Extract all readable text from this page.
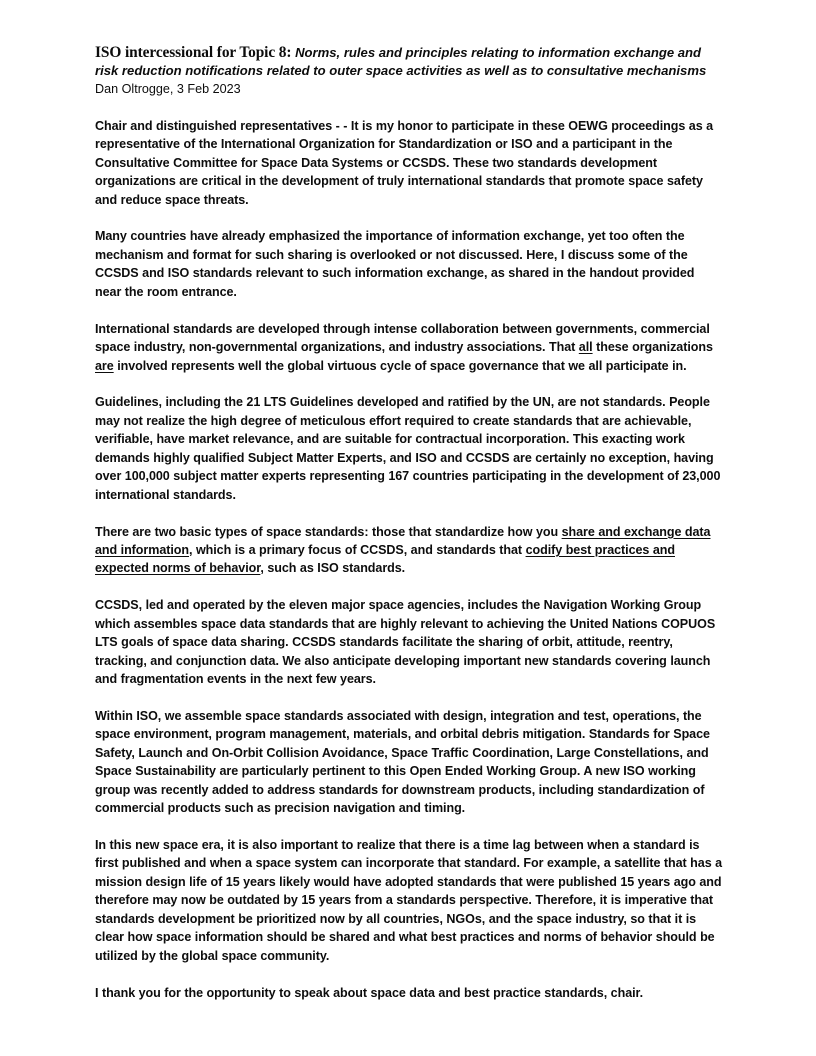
ISO intercessional for Topic 8: Norms, rules and principles relating to information exchange and risk reduction notifications related to outer space activities as well as to consultative mechanisms

Dan Oltrogge, 3 Feb 2023

Chair and distinguished representatives - - It is my honor to participate in these OEWG proceedings as a representative of the International Organization for Standardization or ISO and a participant in the Consultative Committee for Space Data Systems or CCSDS. These two standards development organizations are critical in the development of truly international standards that promote space safety and reduce space threats.

Many countries have already emphasized the importance of information exchange, yet too often the mechanism and format for such sharing is overlooked or not discussed. Here, I discuss some of the CCSDS and ISO standards relevant to such information exchange, as shared in the handout provided near the room entrance.

International standards are developed through intense collaboration between governments, commercial space industry, non-governmental organizations, and industry associations. That all these organizations are involved represents well the global virtuous cycle of space governance that we all participate in.

Guidelines, including the 21 LTS Guidelines developed and ratified by the UN, are not standards. People may not realize the high degree of meticulous effort required to create standards that are achievable, verifiable, have market relevance, and are suitable for contractual incorporation. This exacting work demands highly qualified Subject Matter Experts, and ISO and CCSDS are certainly no exception, having over 100,000 subject matter experts representing 167 countries participating in the development of 23,000 international standards.

There are two basic types of space standards: those that standardize how you share and exchange data and information, which is a primary focus of CCSDS, and standards that codify best practices and expected norms of behavior, such as ISO standards.

CCSDS, led and operated by the eleven major space agencies, includes the Navigation Working Group which assembles space data standards that are highly relevant to achieving the United Nations COPUOS LTS goals of space data sharing. CCSDS standards facilitate the sharing of orbit, attitude, reentry, tracking, and conjunction data. We also anticipate developing important new standards covering launch and fragmentation events in the next few years.

Within ISO, we assemble space standards associated with design, integration and test, operations, the space environment, program management, materials, and orbital debris mitigation. Standards for Space Safety, Launch and On-Orbit Collision Avoidance, Space Traffic Coordination, Large Constellations, and Space Sustainability are particularly pertinent to this Open Ended Working Group. A new ISO working group was recently added to address standards for downstream products, including standardization of commercial products such as precision navigation and timing.

In this new space era, it is also important to realize that there is a time lag between when a standard is first published and when a space system can incorporate that standard. For example, a satellite that has a mission design life of 15 years likely would have adopted standards that were published 15 years ago and therefore may now be outdated by 15 years from a standards perspective. Therefore, it is imperative that standards development be prioritized now by all countries, NGOs, and the space industry, so that it is clear how space information should be shared and what best practices and norms of behavior should be utilized by the global space community.

I thank you for the opportunity to speak about space data and best practice standards, chair.
